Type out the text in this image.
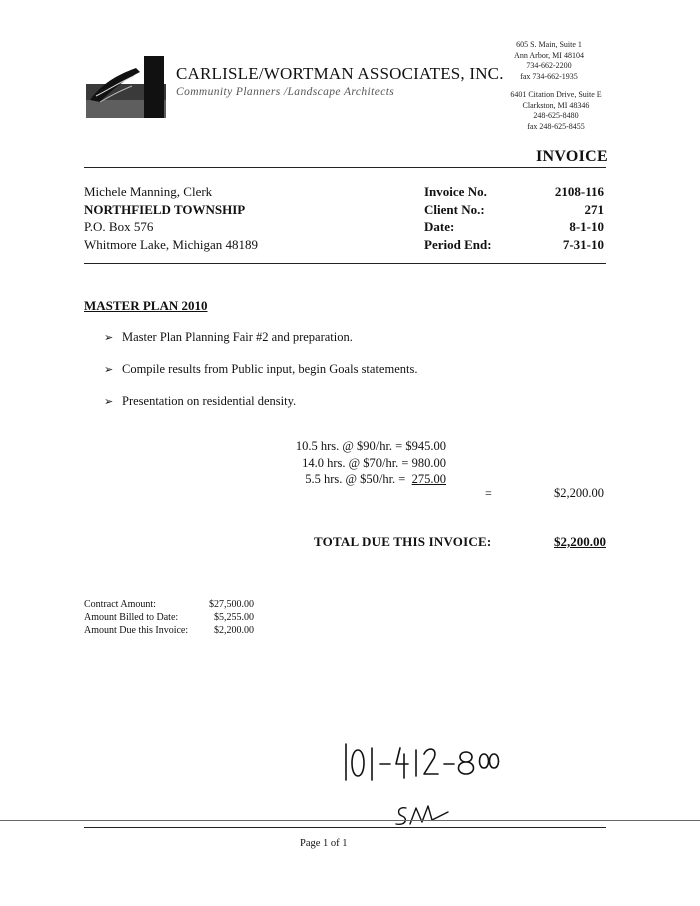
CARLISLE/WORTMAN ASSOCIATES, INC.
Community Planners /Landscape Architects
605 S. Main, Suite 1
Ann Arbor, MI 48104
734-662-2200
fax 734-662-1935
6401 Citation Drive, Suite E
Clarkston, MI 48346
248-625-8480
fax 248-625-8455
INVOICE
Michele Manning, Clerk
NORTHFIELD TOWNSHIP
P.O. Box 576
Whitmore Lake, Michigan 48189
Invoice No.
Client No.:
Date:
Period End:
2108-116
271
8-1-10
7-31-10
MASTER PLAN 2010
➢ Master Plan Planning Fair #2 and preparation.
➢ Compile results from Public input, begin Goals statements.
➢ Presentation on residential density.
10.5 hrs. @ $90/hr. = $945.00
14.0 hrs. @ $70/hr. = 980.00
5.5 hrs. @ $50/hr. =  275.00
=	$2,200.00
TOTAL DUE THIS INVOICE:	$2,200.00
Contract Amount:
Amount Billed to Date:
Amount Due this Invoice:
$27,500.00
$5,255.00
$2,200.00
Page 1 of 1
